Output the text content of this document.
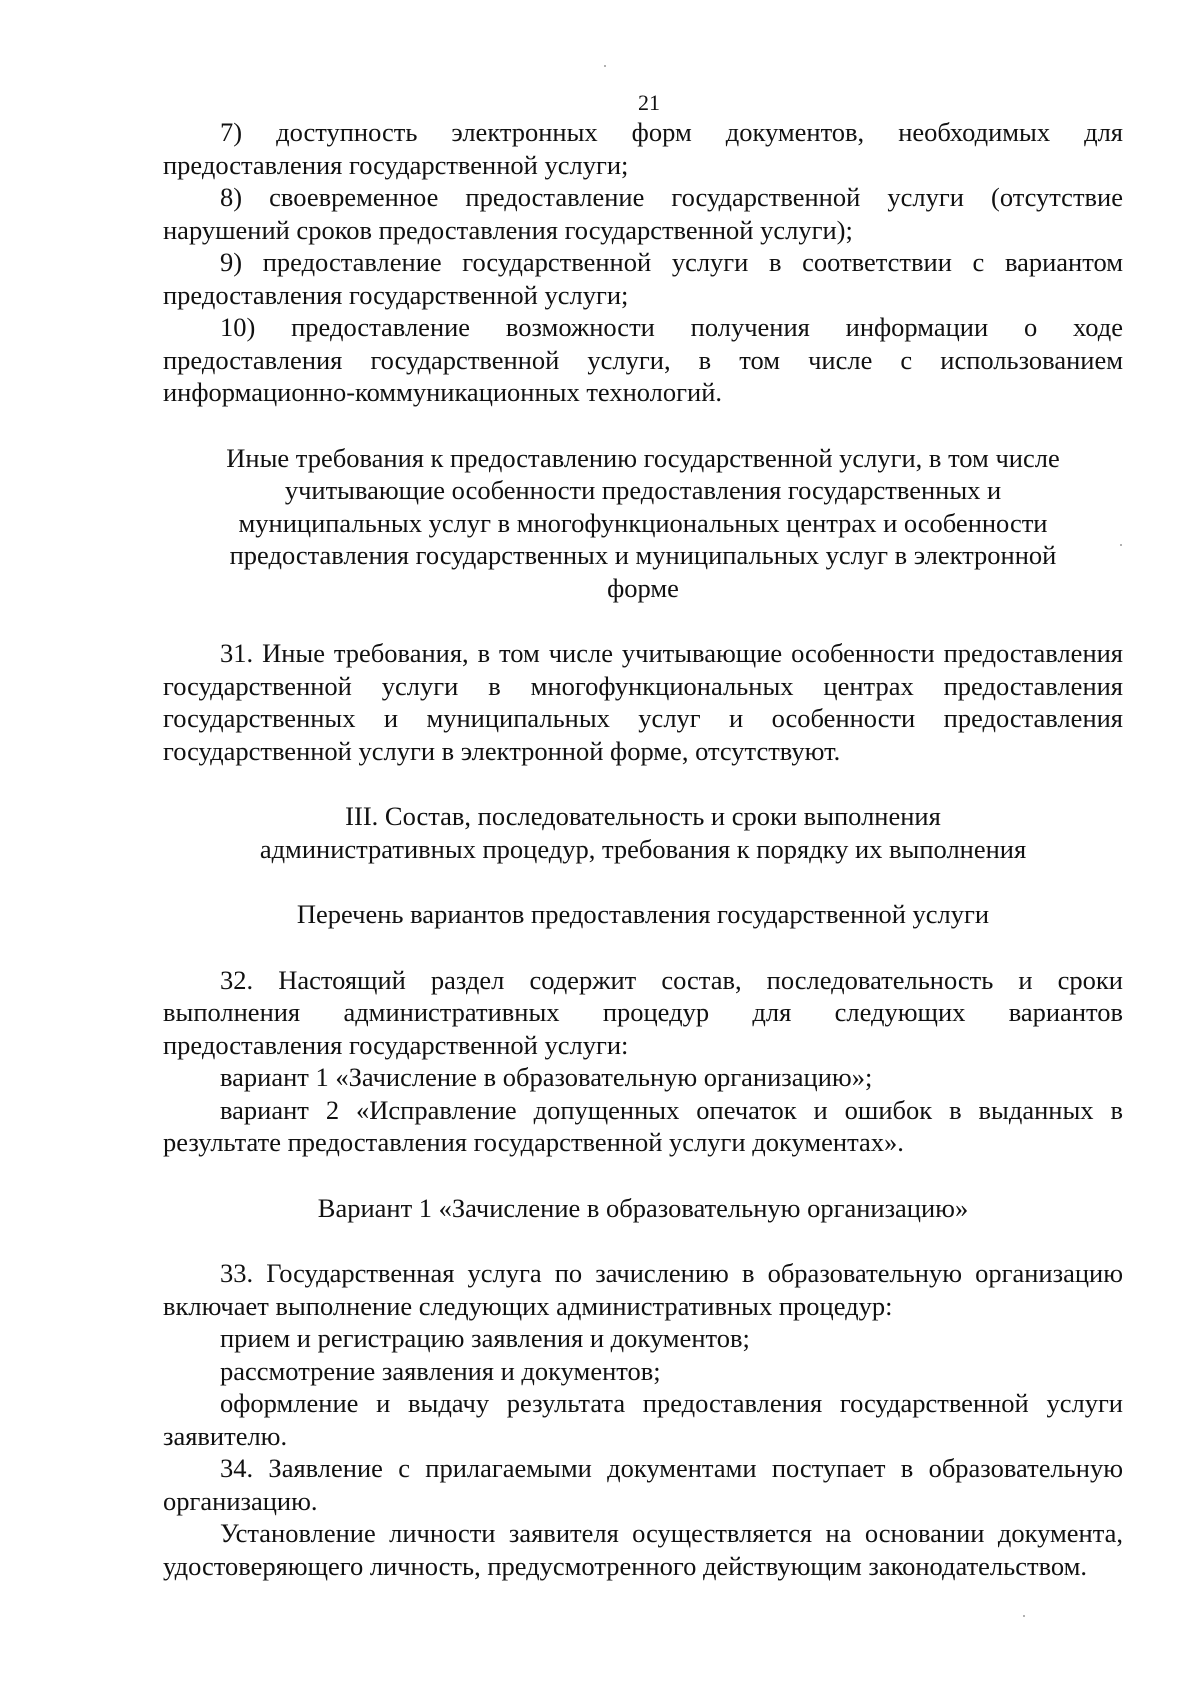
21

7) доступность электронных форм документов, необходимых для предоставления государственной услуги;

8) своевременное предоставление государственной услуги (отсутствие нарушений сроков предоставления государственной услуги);

9) предоставление государственной услуги в соответствии с вариантом предоставления государственной услуги;

10) предоставление возможности получения информации о ходе предоставления государственной услуги, в том числе с использованием информационно-коммуникационных технологий.

Иные требования к предоставлению государственной услуги, в том числе учитывающие особенности предоставления государственных и муниципальных услуг в многофункциональных центрах и особенности предоставления государственных и муниципальных услуг в электронной форме

31. Иные требования, в том числе учитывающие особенности предоставления государственной услуги в многофункциональных центрах предоставления государственных и муниципальных услуг и особенности предоставления государственной услуги в электронной форме, отсутствуют.

III. Состав, последовательность и сроки выполнения
административных процедур, требования к порядку их выполнения

Перечень вариантов предоставления государственной услуги

32. Настоящий раздел содержит состав, последовательность и сроки выполнения административных процедур для следующих вариантов предоставления государственной услуги:

вариант 1 «Зачисление в образовательную организацию»;

вариант 2 «Исправление допущенных опечаток и ошибок в выданных в результате предоставления государственной услуги документах».

Вариант 1 «Зачисление в образовательную организацию»

33. Государственная услуга по зачислению в образовательную организацию включает выполнение следующих административных процедур:

прием и регистрацию заявления и документов;

рассмотрение заявления и документов;

оформление и выдачу результата предоставления государственной услуги заявителю.

34. Заявление с прилагаемыми документами поступает в образовательную организацию.

Установление личности заявителя осуществляется на основании документа, удостоверяющего личность, предусмотренного действующим законодательством.
